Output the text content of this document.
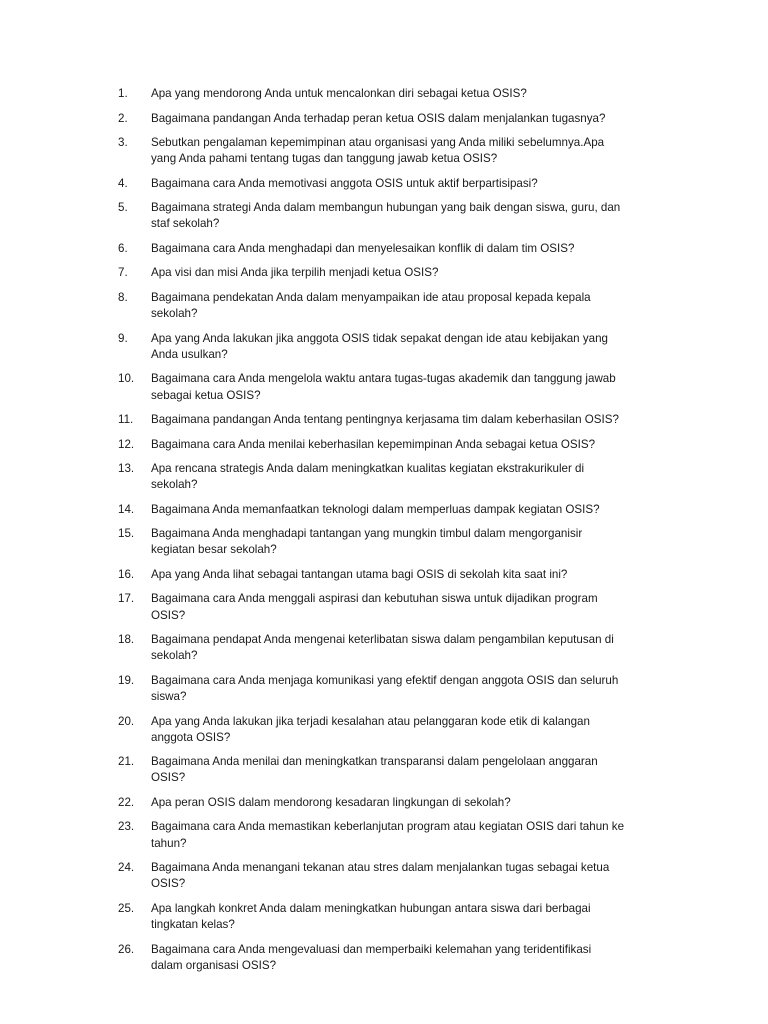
1.	Apa yang mendorong Anda untuk mencalonkan diri sebagai ketua OSIS?
2.	Bagaimana pandangan Anda terhadap peran ketua OSIS dalam menjalankan tugasnya?
3.	Sebutkan pengalaman kepemimpinan atau organisasi yang Anda miliki sebelumnya.Apa
yang Anda pahami tentang tugas dan tanggung jawab ketua OSIS?
4.	Bagaimana cara Anda memotivasi anggota OSIS untuk aktif berpartisipasi?
5.	Bagaimana strategi Anda dalam membangun hubungan yang baik dengan siswa, guru, dan
staf sekolah?
6.	Bagaimana cara Anda menghadapi dan menyelesaikan konflik di dalam tim OSIS?
7.	Apa visi dan misi Anda jika terpilih menjadi ketua OSIS?
8.	Bagaimana pendekatan Anda dalam menyampaikan ide atau proposal kepada kepala
sekolah?
9.	Apa yang Anda lakukan jika anggota OSIS tidak sepakat dengan ide atau kebijakan yang
Anda usulkan?
10.	Bagaimana cara Anda mengelola waktu antara tugas-tugas akademik dan tanggung jawab
sebagai ketua OSIS?
11.	Bagaimana pandangan Anda tentang pentingnya kerjasama tim dalam keberhasilan OSIS?
12.	Bagaimana cara Anda menilai keberhasilan kepemimpinan Anda sebagai ketua OSIS?
13.	Apa rencana strategis Anda dalam meningkatkan kualitas kegiatan ekstrakurikuler di
sekolah?
14.	Bagaimana Anda memanfaatkan teknologi dalam memperluas dampak kegiatan OSIS?
15.	Bagaimana Anda menghadapi tantangan yang mungkin timbul dalam mengorganisir
kegiatan besar sekolah?
16.	Apa yang Anda lihat sebagai tantangan utama bagi OSIS di sekolah kita saat ini?
17.	Bagaimana cara Anda menggali aspirasi dan kebutuhan siswa untuk dijadikan program
OSIS?
18.	Bagaimana pendapat Anda mengenai keterlibatan siswa dalam pengambilan keputusan di
sekolah?
19.	Bagaimana cara Anda menjaga komunikasi yang efektif dengan anggota OSIS dan seluruh
siswa?
20.	Apa yang Anda lakukan jika terjadi kesalahan atau pelanggaran kode etik di kalangan
anggota OSIS?
21.	Bagaimana Anda menilai dan meningkatkan transparansi dalam pengelolaan anggaran
OSIS?
22.	Apa peran OSIS dalam mendorong kesadaran lingkungan di sekolah?
23.	Bagaimana cara Anda memastikan keberlanjutan program atau kegiatan OSIS dari tahun ke
tahun?
24.	Bagaimana Anda menangani tekanan atau stres dalam menjalankan tugas sebagai ketua
OSIS?
25.	Apa langkah konkret Anda dalam meningkatkan hubungan antara siswa dari berbagai
tingkatan kelas?
26.	Bagaimana cara Anda mengevaluasi dan memperbaiki kelemahan yang teridentifikasi
dalam organisasi OSIS?
